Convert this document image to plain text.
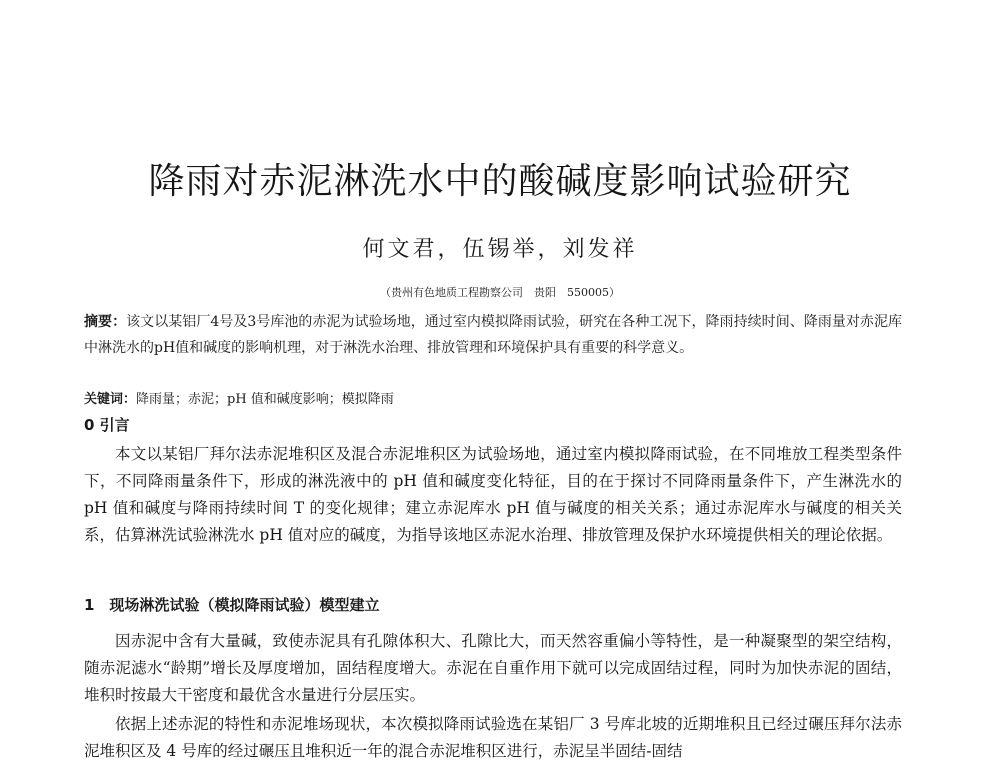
降雨对赤泥淋洗水中的酸碱度影响试验研究
何文君，伍锡举，刘发祥
（贵州有色地质工程勘察公司　贵阳　550005）
摘要：该文以某铝厂4号及3号库池的赤泥为试验场地，通过室内模拟降雨试验，研究在各种工况下，降雨持续时间、降雨量对赤泥库中淋洗水的pH值和碱度的影响机理，对于淋洗水治理、排放管理和环境保护具有重要的科学意义。
关键词：降雨量；赤泥；pH 值和碱度影响；模拟降雨
0 引言
本文以某铝厂拜尔法赤泥堆积区及混合赤泥堆积区为试验场地，通过室内模拟降雨试验，在不同堆放工程类型条件下，不同降雨量条件下，形成的淋洗液中的 pH 值和碱度变化特征，目的在于探讨不同降雨量条件下，产生淋洗水的 pH 值和碱度与降雨持续时间 T 的变化规律；建立赤泥库水 pH 值与碱度的相关关系；通过赤泥库水与碱度的相关关系，估算淋洗试验淋洗水 pH 值对应的碱度，为指导该地区赤泥水治理、排放管理及保护水环境提供相关的理论依据。
1　现场淋洗试验（模拟降雨试验）模型建立
因赤泥中含有大量碱，致使赤泥具有孔隙体积大、孔隙比大，而天然容重偏小等特性，是一种凝聚型的架空结构，随赤泥滤水“龄期”增长及厚度增加，固结程度增大。赤泥在自重作用下就可以完成固结过程，同时为加快赤泥的固结，堆积时按最大干密度和最优含水量进行分层压实。
依据上述赤泥的特性和赤泥堆场现状，本次模拟降雨试验选在某铝厂 3 号库北坡的近期堆积且已经过碾压拜尔法赤泥堆积区及 4 号库的经过碾压且堆积近一年的混合赤泥堆积区进行，赤泥呈半固结-固结
